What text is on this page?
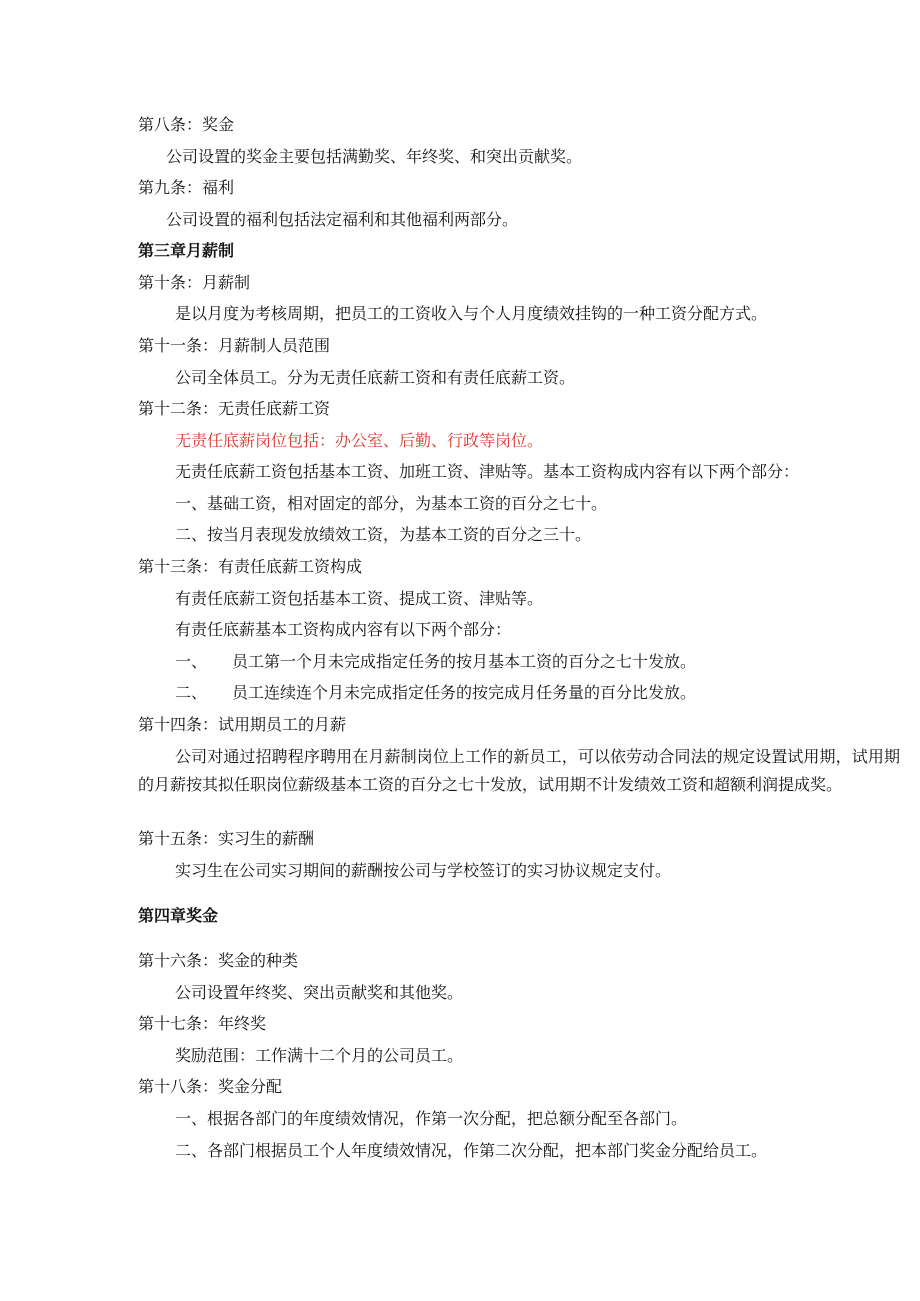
第八条：奖金
公司设置的奖金主要包括满勤奖、年终奖、和突出贡献奖。
第九条：福利
公司设置的福利包括法定福利和其他福利两部分。
第三章月薪制
第十条：月薪制
是以月度为考核周期，把员工的工资收入与个人月度绩效挂钩的一种工资分配方式。
第十一条：月薪制人员范围
公司全体员工。分为无责任底薪工资和有责任底薪工资。
第十二条：无责任底薪工资
无责任底薪岗位包括：办公室、后勤、行政等岗位。
无责任底薪工资包括基本工资、加班工资、津贴等。基本工资构成内容有以下两个部分：
一、基础工资，相对固定的部分，为基本工资的百分之七十。
二、按当月表现发放绩效工资，为基本工资的百分之三十。
第十三条：有责任底薪工资构成
有责任底薪工资包括基本工资、提成工资、津贴等。
有责任底薪基本工资构成内容有以下两个部分：
一、 员工第一个月未完成指定任务的按月基本工资的百分之七十发放。
二、 员工连续连个月未完成指定任务的按完成月任务量的百分比发放。
第十四条：试用期员工的月薪
公司对通过招聘程序聘用在月薪制岗位上工作的新员工，可以依劳动合同法的规定设置试用期，试用期的月薪按其拟任职岗位薪级基本工资的百分之七十发放，试用期不计发绩效工资和超额利润提成奖。
第十五条：实习生的薪酬
实习生在公司实习期间的薪酬按公司与学校签订的实习协议规定支付。
第四章奖金
第十六条：奖金的种类
公司设置年终奖、突出贡献奖和其他奖。
第十七条：年终奖
奖励范围：工作满十二个月的公司员工。
第十八条：奖金分配
一、根据各部门的年度绩效情况，作第一次分配，把总额分配至各部门。
二、各部门根据员工个人年度绩效情况，作第二次分配，把本部门奖金分配给员工。
